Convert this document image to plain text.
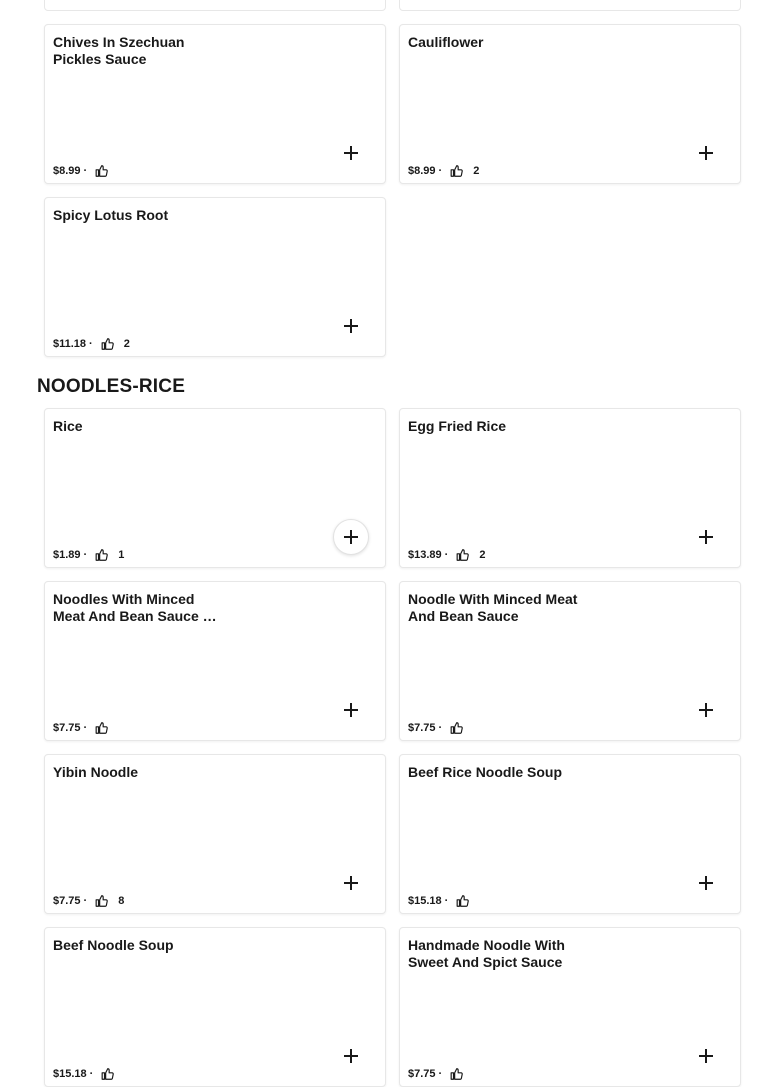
Chives In Szechuan Pickles Sauce
$8.99 ·
Cauliflower
$8.99 ·	2
Spicy Lotus Root
$11.18 ·	2
NOODLES-RICE
Rice
$1.89 ·	1
Egg Fried Rice
$13.89 ·	2
Noodles With Minced Meat And Bean Sauce …
$7.75 ·
Noodle With Minced Meat And Bean Sauce
$7.75 ·
Yibin Noodle
$7.75 ·	8
Beef Rice Noodle Soup
$15.18 ·
Beef Noodle Soup
$15.18 ·
Handmade Noodle With Sweet And Spict Sauce
$7.75 ·
